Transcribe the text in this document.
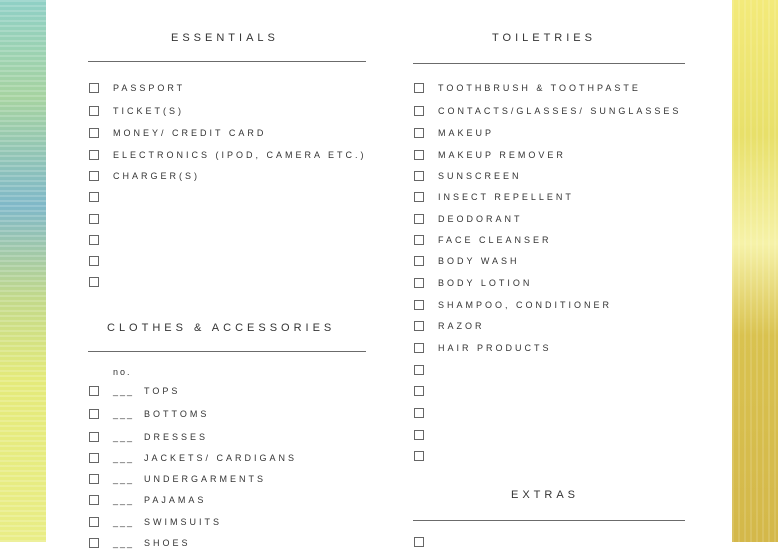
ESSENTIALS
PASSPORT
TICKET(S)
MONEY/ CREDIT CARD
ELECTRONICS (IPOD, CAMERA ETC.)
CHARGER(S)
CLOTHES & ACCESSORIES
no.
___ TOPS
___ BOTTOMS
___ DRESSES
___ JACKETS/ CARDIGANS
___ UNDERGARMENTS
___ PAJAMAS
___ SWIMSUITS
___ SHOES
TOILETRIES
TOOTHBRUSH & TOOTHPASTE
CONTACTS/GLASSES/ SUNGLASSES
MAKEUP
MAKEUP REMOVER
SUNSCREEN
INSECT REPELLENT
DEODORANT
FACE CLEANSER
BODY WASH
BODY LOTION
SHAMPOO, CONDITIONER
RAZOR
HAIR PRODUCTS
EXTRAS
